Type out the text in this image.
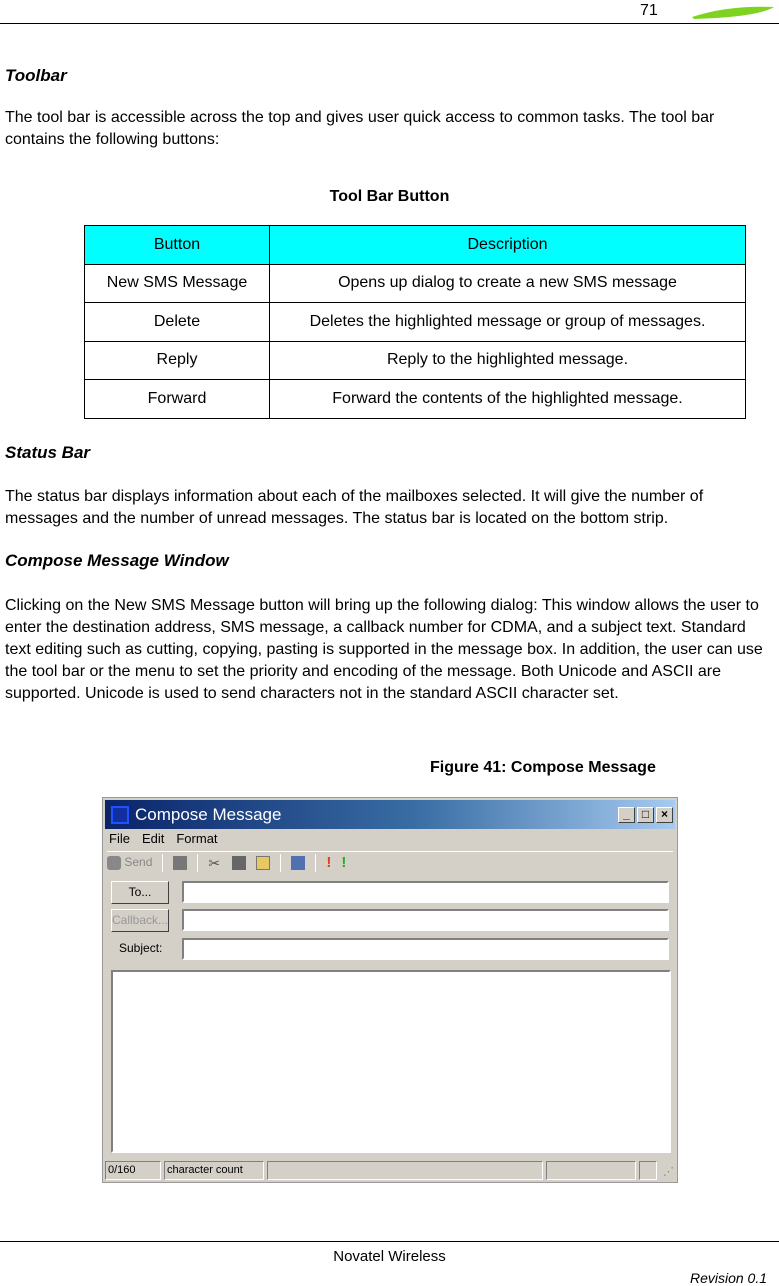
71
Toolbar

The tool bar is accessible across the top and gives user quick access to common tasks. The tool bar contains the following buttons:

Tool Bar Button
Button	Description
New SMS Message	Opens up dialog to create a new SMS message
Delete	Deletes the highlighted message or group of messages.
Reply	Reply to the highlighted message.
Forward	Forward the contents of the highlighted message.
Status Bar

The status bar displays information about each of the mailboxes selected. It will give the number of messages and the number of unread messages. The status bar is located on the bottom strip.

Compose Message Window

Clicking on the New SMS Message button will bring up the following dialog: This window allows the user to enter the destination address, SMS message, a callback number for CDMA, and a subject text. Standard text editing such as cutting, copying, pasting is supported in the message box. In addition, the user can use the tool bar or the menu to set the priority and encoding of the message. Both Unicode and ASCII are supported. Unicode is used to send characters not in the standard ASCII character set.

Figure 41: Compose Message
Compose Message	_	□ ×
File Edit Format
Send	✂	! !
To...
Callback...
Subject:
0/160	character count	⋰
Novatel Wireless
Revision 0.1
